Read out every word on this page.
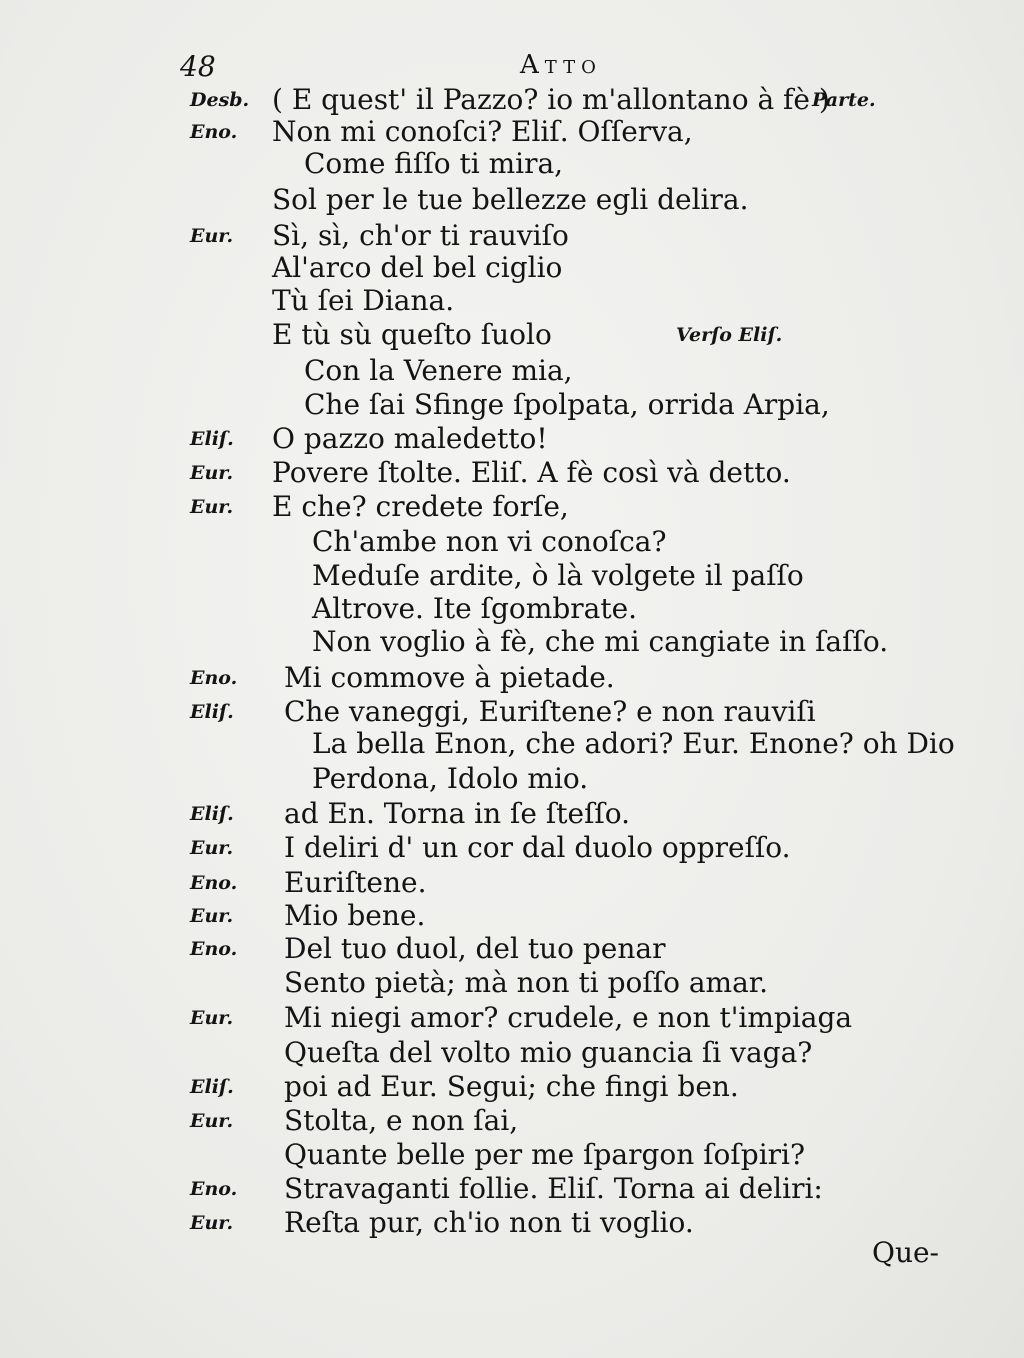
48	Atto
Desb. ( E quest' il Pazzo? io m'allontano à fè )
Parte.
Eno. Non mi conoſci? Eliſ. Oſſerva,
Come fiſſo ti mira,
Sol per le tue bellezze egli delira.
Eur. Sì, sì, ch'or ti rauviſo
Al'arco del bel ciglio
Tù ſei Diana.
E tù sù queſto ſuolo	Verſo Eliſ.
Con la Venere mia,
Che ſai Sfinge ſpolpata, orrida Arpia,
Eliſ. O pazzo maledetto!
Eur. Povere ſtolte. Eliſ. A fè così và detto.
Eur. E che? credete forſe,
Ch'ambe non vi conoſca?
Meduſe ardite, ò là volgete il paſſo
Altrove. Ite ſgombrate.
Non voglio à fè, che mi cangiate in ſaſſo.
Eno. Mi commove à pietade.
Eliſ. Che vaneggi, Euriſtene? e non rauviſi
La bella Enon, che adori? Eur. Enone? oh Dio
Perdona, Idolo mio.
Eliſ. ad En. Torna in ſe ſteſſo.
Eur. I deliri d' un cor dal duolo oppreſſo.
Eno. Euriſtene.
Eur. Mio bene.
Eno. Del tuo duol, del tuo penar
Sento pietà; mà non ti poſſo amar.
Eur. Mi niegi amor? crudele, e non t'impiaga
Queſta del volto mio guancia ſi vaga?
Eliſ. poi ad Eur. Segui; che fingi ben.
Eur. Stolta, e non ſai,
Quante belle per me ſpargon ſoſpiri?
Eno. Stravaganti follie. Eliſ. Torna ai deliri:
Eur. Reſta pur, ch'io non ti voglio.
Que-
